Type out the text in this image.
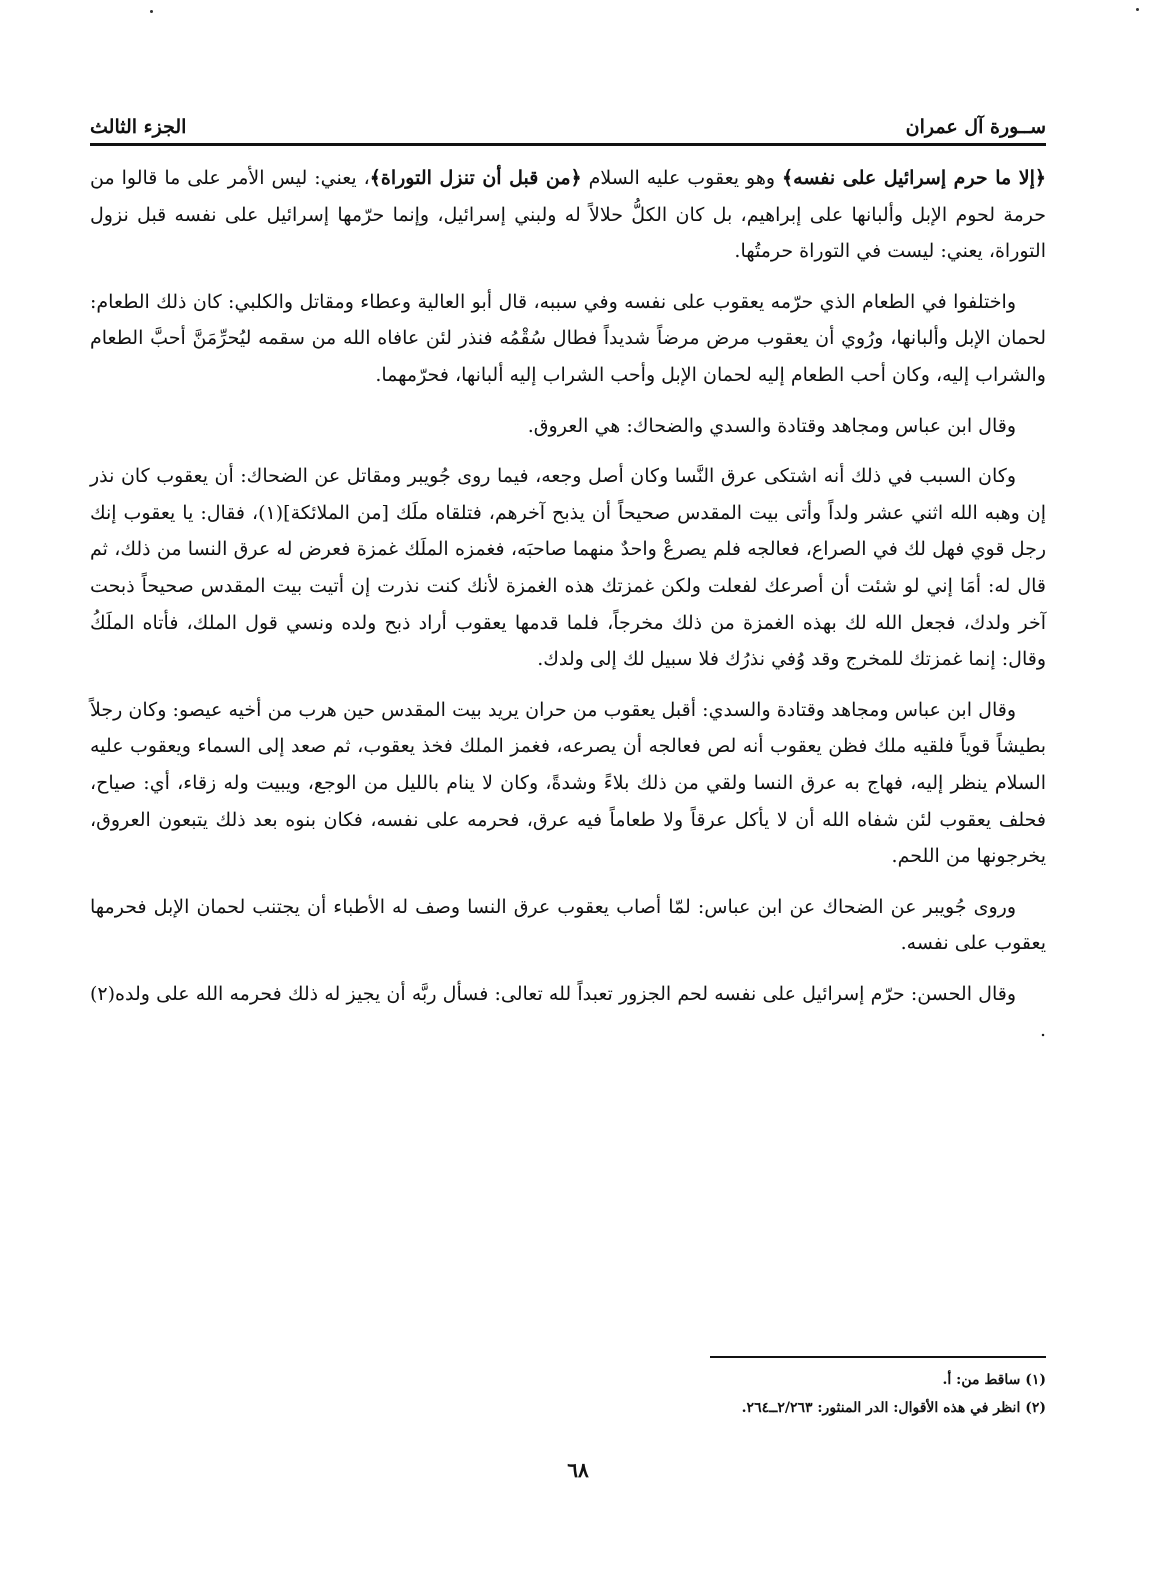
ســورة آل عمران
الجزء الثالث

﴿إلا ما حرم إسرائيل على نفسه﴾ وهو يعقوب عليه السلام ﴿من قبل أن تنزل التوراة﴾، يعني: ليس الأمر على ما قالوا من حرمة لحوم الإبل وألبانها على إبراهيم، بل كان الكلُّ حلالاً له ولبني إسرائيل، وإنما حرّمها إسرائيل على نفسه قبل نزول التوراة، يعني: ليست في التوراة حرمتُها.

واختلفوا في الطعام الذي حرّمه يعقوب على نفسه وفي سببه، قال أبو العالية وعطاء ومقاتل والكلبي: كان ذلك الطعام: لحمان الإبل وألبانها، ورُوي أن يعقوب مرض مرضاً شديداً فطال سُقْمُه فنذر لئن عافاه الله من سقمه ليُحرِّمَنَّ أحبَّ الطعام والشراب إليه، وكان أحب الطعام إليه لحمان الإبل وأحب الشراب إليه ألبانها، فحرّمهما.

وقال ابن عباس ومجاهد وقتادة والسدي والضحاك: هي العروق.

وكان السبب في ذلك أنه اشتكى عرق النَّسا وكان أصل وجعه، فيما روى جُويبر ومقاتل عن الضحاك: أن يعقوب كان نذر إن وهبه الله اثني عشر ولداً وأتى بيت المقدس صحيحاً أن يذبح آخرهم، فتلقاه ملَك [من الملائكة](١)، فقال: يا يعقوب إنك رجل قوي فهل لك في الصراع، فعالجه فلم يصرعْ واحدٌ منهما صاحبَه، فغمزه الملَك غمزة فعرض له عرق النسا من ذلك، ثم قال له: أمَا إني لو شئت أن أصرعك لفعلت ولكن غمزتك هذه الغمزة لأنك كنت نذرت إن أتيت بيت المقدس صحيحاً ذبحت آخر ولدك، فجعل الله لك بهذه الغمزة من ذلك مخرجاً، فلما قدمها يعقوب أراد ذبح ولده ونسي قول الملك، فأتاه الملَكُ وقال: إنما غمزتك للمخرج وقد وُفي نذرُك فلا سبيل لك إلى ولدك.

وقال ابن عباس ومجاهد وقتادة والسدي: أقبل يعقوب من حران يريد بيت المقدس حين هرب من أخيه عيصو: وكان رجلاً بطيشاً قوياً فلقيه ملك فظن يعقوب أنه لص فعالجه أن يصرعه، فغمز الملك فخذ يعقوب، ثم صعد إلى السماء ويعقوب عليه السلام ينظر إليه، فهاج به عرق النسا ولقي من ذلك بلاءً وشدةً، وكان لا ينام بالليل من الوجع، ويبيت وله زقاء، أي: صياح، فحلف يعقوب لئن شفاه الله أن لا يأكل عرقاً ولا طعاماً فيه عرق، فحرمه على نفسه، فكان بنوه بعد ذلك يتبعون العروق، يخرجونها من اللحم.

وروى جُويبر عن الضحاك عن ابن عباس: لمّا أصاب يعقوب عرق النسا وصف له الأطباء أن يجتنب لحمان الإبل فحرمها يعقوب على نفسه.

وقال الحسن: حرّم إسرائيل على نفسه لحم الجزور تعبداً لله تعالى: فسأل ربَّه أن يجيز له ذلك فحرمه الله على ولده(٢) .

(١) ساقط من: أ.
(٢) انظر في هذه الأقوال: الدر المنثور: ٢/٢٦٣ــ٢٦٤.
٦٨
